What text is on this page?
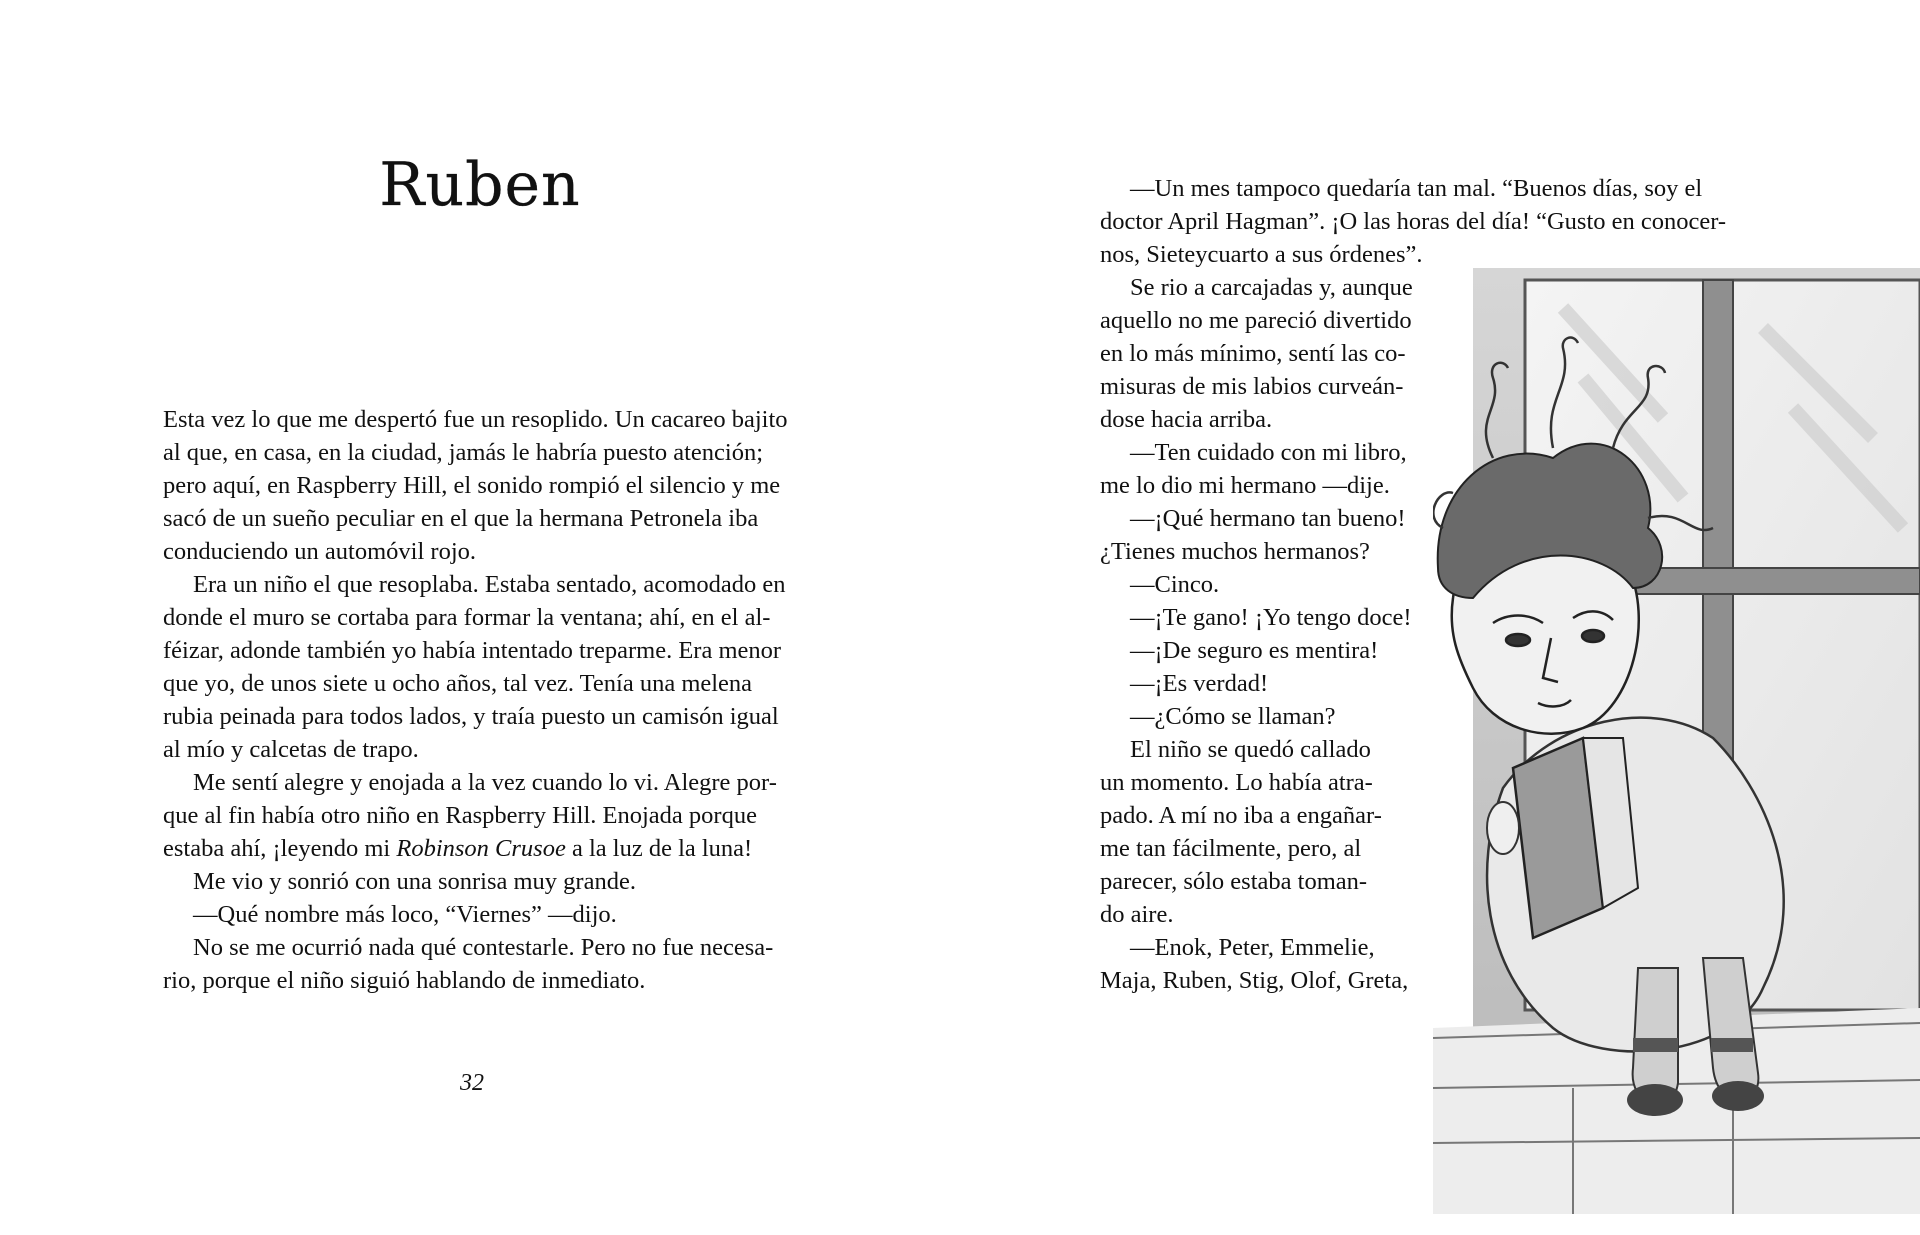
Ruben

Esta vez lo que me despertó fue un resoplido. Un cacareo bajito
al que, en casa, en la ciudad, jamás le habría puesto atención;
pero aquí, en Raspberry Hill, el sonido rompió el silencio y me
sacó de un sueño peculiar en el que la hermana Petronela iba
conduciendo un automóvil rojo.

Era un niño el que resoplaba. Estaba sentado, acomodado en
donde el muro se cortaba para formar la ventana; ahí, en el al-
féizar, adonde también yo había intentado treparme. Era menor
que yo, de unos siete u ocho años, tal vez. Tenía una melena
rubia peinada para todos lados, y traía puesto un camisón igual
al mío y calcetas de trapo.

Me sentí alegre y enojada a la vez cuando lo vi. Alegre por-
que al fin había otro niño en Raspberry Hill. Enojada porque
estaba ahí, ¡leyendo mi Robinson Crusoe a la luz de la luna!

Me vio y sonrió con una sonrisa muy grande.

—Qué nombre más loco, “Viernes” —dijo.

No se me ocurrió nada qué contestarle. Pero no fue necesa-
rio, porque el niño siguió hablando de inmediato.

32

—Un mes tampoco quedaría tan mal. “Buenos días, soy el
doctor April Hagman”. ¡O las horas del día! “Gusto en conocer-
nos, Sieteycuarto a sus órdenes”.

Se rio a carcajadas y, aunque
aquello no me pareció divertido
en lo más mínimo, sentí las co-
misuras de mis labios curveán-
dose hacia arriba.

—Ten cuidado con mi libro,
me lo dio mi hermano —dije.

—¡Qué hermano tan bueno!
¿Tienes muchos hermanos?

—Cinco.

—¡Te gano! ¡Yo tengo doce!

—¡De seguro es mentira!

—¡Es verdad!

—¿Cómo se llaman?

El niño se quedó callado
un momento. Lo había atra-
pado. A mí no iba a engañar-
me tan fácilmente, pero, al
parecer, sólo estaba toman-
do aire.

—Enok, Peter, Emmelie,
Maja, Ruben, Stig, Olof, Greta,
